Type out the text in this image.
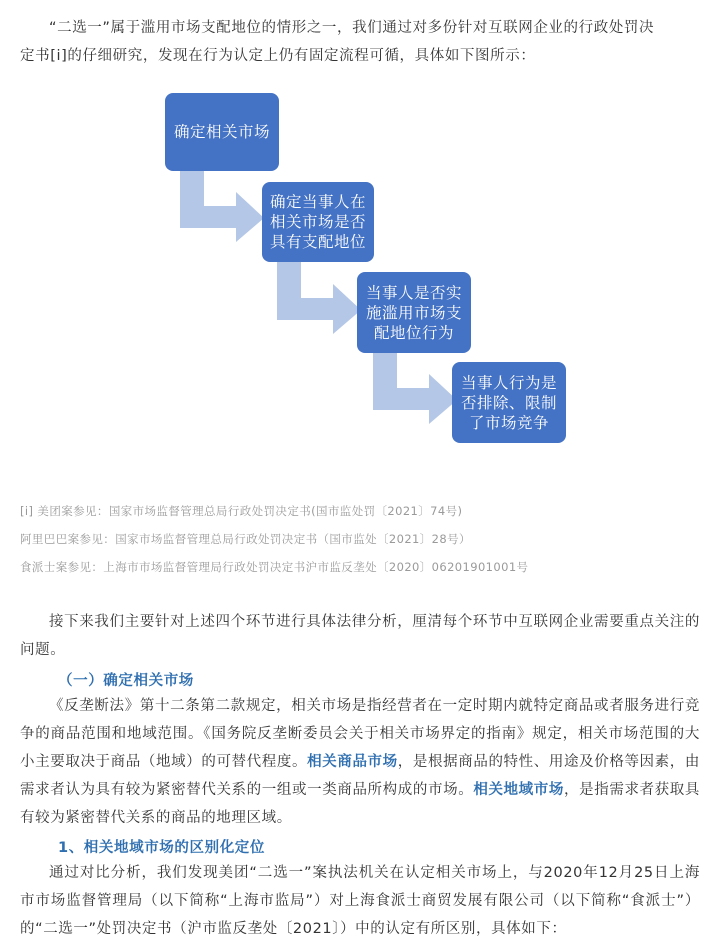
“二选一”属于滥用市场支配地位的情形之一，我们通过对多份针对互联网企业的行政处罚决
定书[i]的仔细研究，发现在行为认定上仍有固定流程可循，具体如下图所示：

确定相关市场
确定当事人在相关市场是否具有支配地位
当事人是否实施滥用市场支配地位行为
当事人行为是否排除、限制了市场竞争

[i] 美团案参见：国家市场监督管理总局行政处罚决定书(国市监处罚〔2021〕74号)

阿里巴巴案参见：国家市场监督管理总局行政处罚决定书（国市监处〔2021〕28号）

食派士案参见：上海市市场监督管理局行政处罚决定书沪市监反垄处〔2020〕06201901001号

接下来我们主要针对上述四个环节进行具体法律分析，厘清每个环节中互联网企业需要重点关注的问题。

（一）确定相关市场

《反垄断法》第十二条第二款规定，相关市场是指经营者在一定时期内就特定商品或者服务进行竞争的商品范围和地域范围。《国务院反垄断委员会关于相关市场界定的指南》规定，相关市场范围的大小主要取决于商品（地域）的可替代程度。相关商品市场，是根据商品的特性、用途及价格等因素，由需求者认为具有较为紧密替代关系的一组或一类商品所构成的市场。相关地域市场，是指需求者获取具有较为紧密替代关系的商品的地理区域。

1、相关地域市场的区别化定位

通过对比分析，我们发现美团“二选一”案执法机关在认定相关市场上，与2020年12月25日上海市市场监督管理局（以下简称“上海市监局”）对上海食派士商贸发展有限公司（以下简称“食派士”）的“二选一”处罚决定书（沪市监反垄处〔2021〕）中的认定有所区别，具体如下：
